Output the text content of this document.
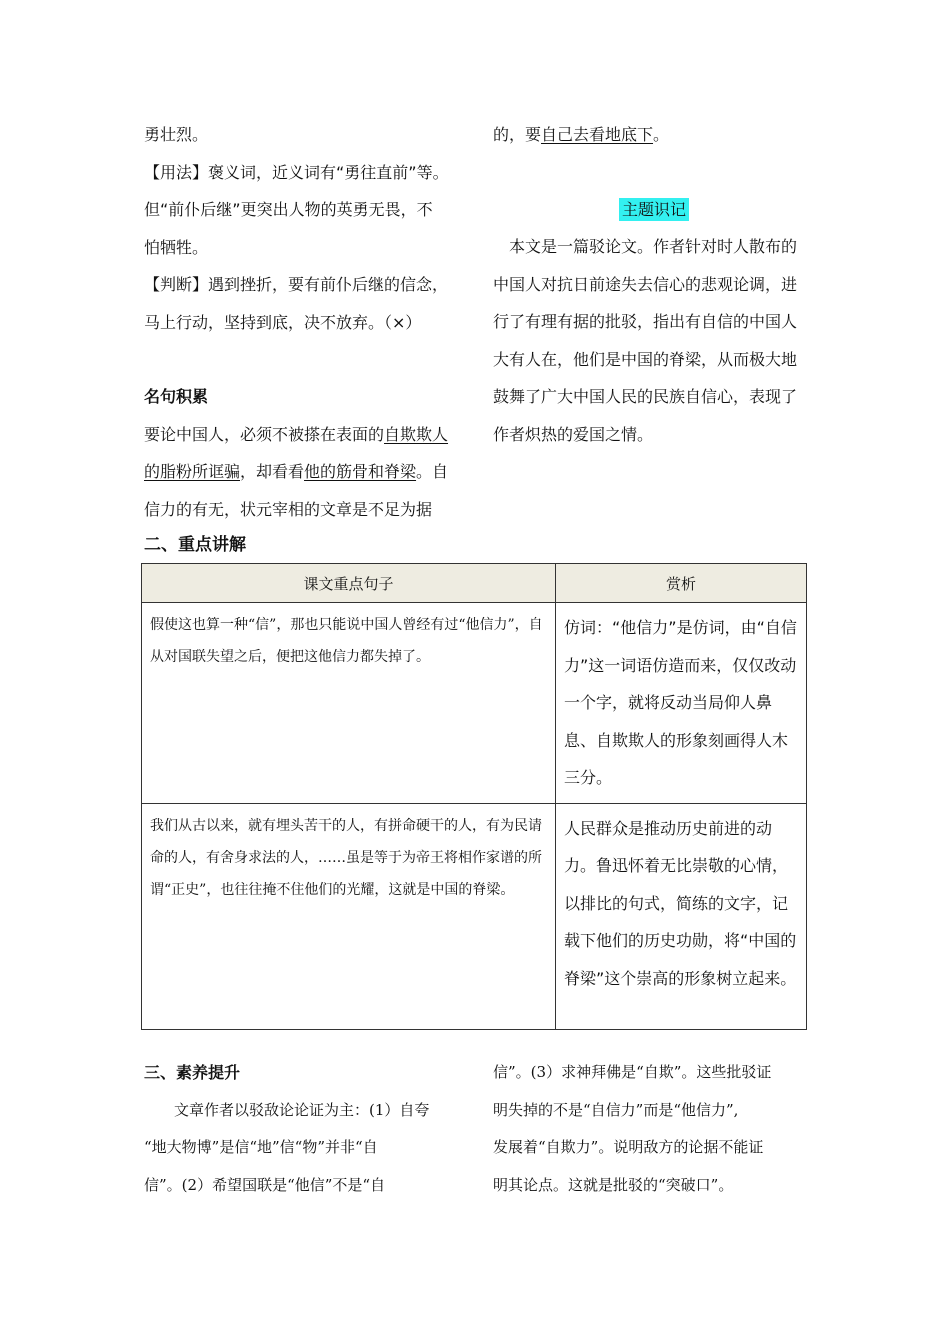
勇壮烈。

【用法】褒义词，近义词有“勇往直前”等。

但“前仆后继”更突出人物的英勇无畏，不

怕牺牲。

【判断】遇到挫折，要有前仆后继的信念，

马上行动，坚持到底，决不放弃。（×）

名句积累

要论中国人，必须不被搽在表面的自欺欺人

的脂粉所诓骗，却看看他的筋骨和脊梁。自

信力的有无，状元宰相的文章是不足为据

的，要自己去看地底下。

主题识记

本文是一篇驳论文。作者针对时人散布的

中国人对抗日前途失去信心的悲观论调，进

行了有理有据的批驳，指出有自信的中国人

大有人在，他们是中国的脊梁，从而极大地

鼓舞了广大中国人民的民族自信心，表现了

作者炽热的爱国之情。

二、重点讲解
课文重点句子	赏析
假使这也算一种“信”，那也只能说中国人曾经有过“他信力”，自从对国联失望之后，便把这他信力都失掉了。	仿词：“他信力”是仿词，由“自信力”这一词语仿造而来，仅仅改动一个字，就将反动当局仰人鼻息、自欺欺人的形象刻画得人木三分。
我们从古以来，就有埋头苦干的人，有拼命硬干的人，有为民请命的人，有舍身求法的人，……虽是等于为帝王将相作家谱的所谓“正史”，也往往掩不住他们的光耀，这就是中国的脊梁。	人民群众是推动历史前进的动力。鲁迅怀着无比崇敬的心情，以排比的句式，简练的文字，记载下他们的历史功勋，将“中国的脊梁”这个崇高的形象树立起来。

三、素养提升

文章作者以驳敌论论证为主：(1）自夸

“地大物博”是信“地”信“物”并非“自

信”。(2）希望国联是“他信”不是“自

信”。(3）求神拜佛是“自欺”。这些批驳证

明失掉的不是“自信力”而是“他信力”,

发展着“自欺力”。说明敌方的论据不能证

明其论点。这就是批驳的“突破口”。
